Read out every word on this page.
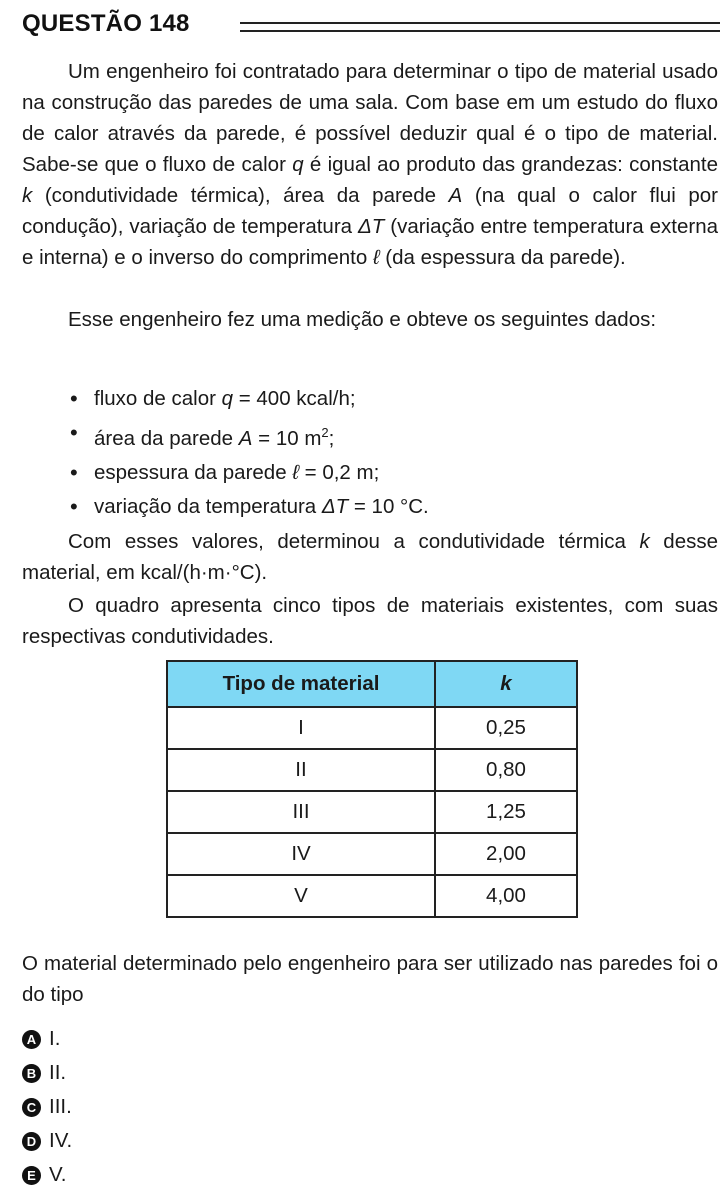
QUESTÃO 148
Um engenheiro foi contratado para determinar o tipo de material usado na construção das paredes de uma sala. Com base em um estudo do fluxo de calor através da parede, é possível deduzir qual é o tipo de material. Sabe-se que o fluxo de calor q é igual ao produto das grandezas: constante k (condutividade térmica), área da parede A (na qual o calor flui por condução), variação de temperatura ΔT (variação entre temperatura externa e interna) e o inverso do comprimento ℓ (da espessura da parede).
Esse engenheiro fez uma medição e obteve os seguintes dados:
• fluxo de calor q = 400 kcal/h;
• área da parede A = 10 $m^2$;
• espessura da parede ℓ = 0,2 m;
• variação da temperatura ΔT = 10 °C.
Com esses valores, determinou a condutividade térmica k desse material, em kcal/(h·m·°C).
O quadro apresenta cinco tipos de materiais existentes, com suas respectivas condutividades.
Tipo de material	k
I	0,25
II	0,80
III	1,25
IV	2,00
V	4,00
O material determinado pelo engenheiro para ser utilizado nas paredes foi o do tipo
A I.
B II.
C III.
D IV.
E V.
